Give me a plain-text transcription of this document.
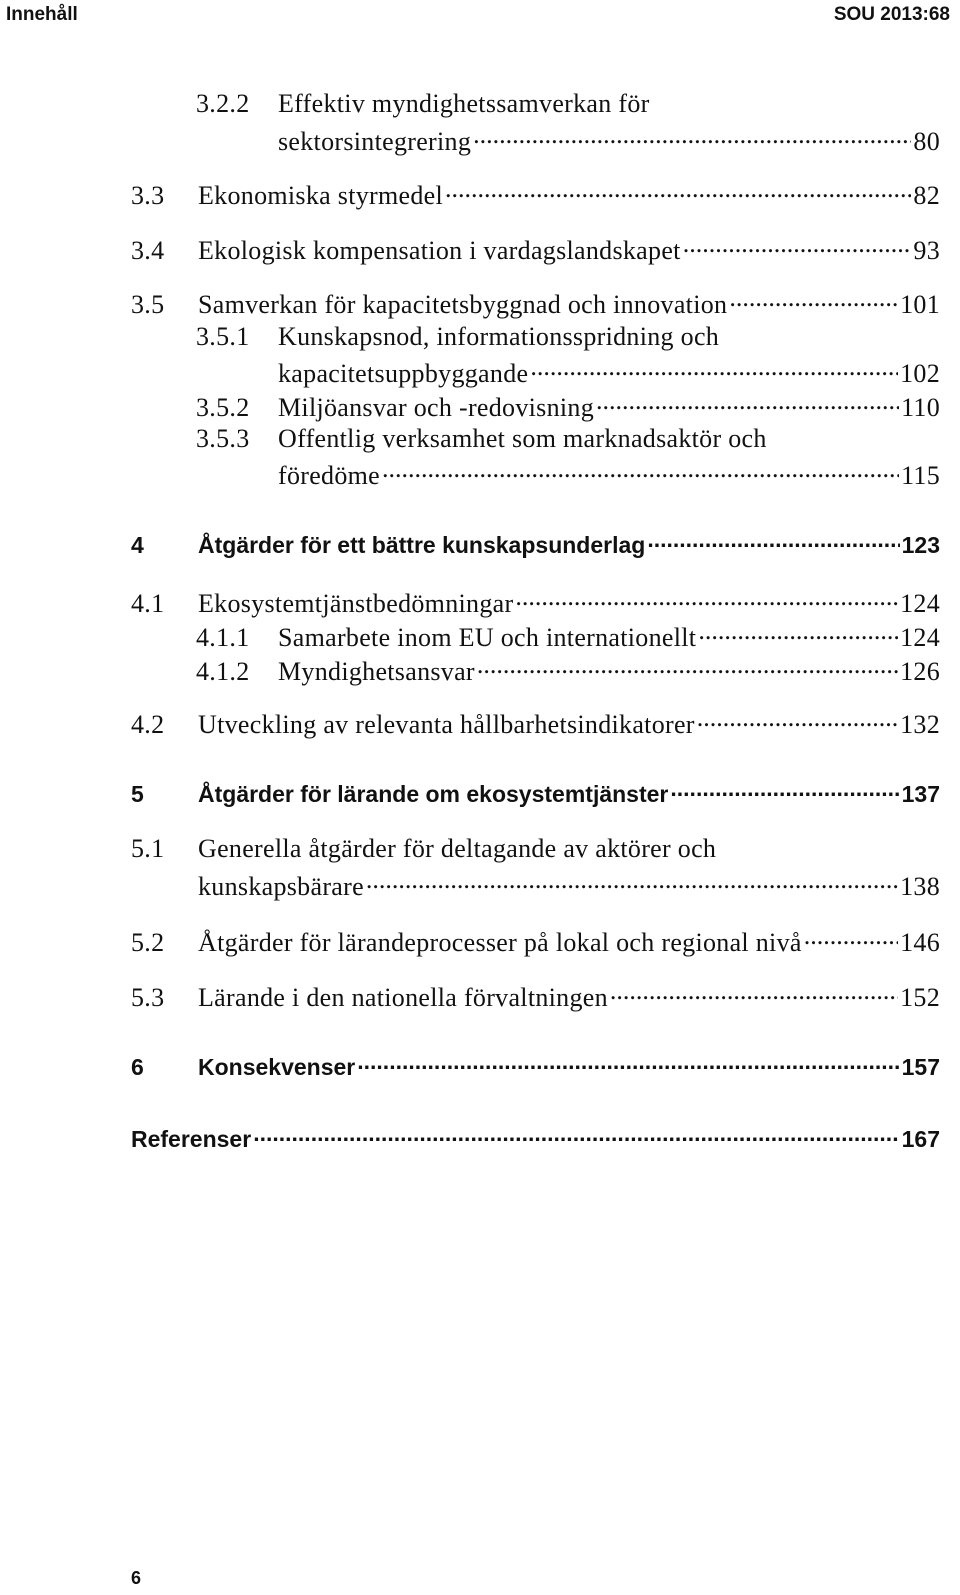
Innehåll	SOU 2013:68
3.2.2	Effektiv myndighetssamverkan för
sektorsintegrering .....	80
3.3	Ekonomiska styrmedel .....	82
3.4	Ekologisk kompensation i vardagslandskapet .....	93
3.5	Samverkan för kapacitetsbyggnad och innovation .....	101
3.5.1	Kunskapsnod, informationsspridning och
kapacitetsuppbyggande .....	102
3.5.2	Miljöansvar och -redovisning .....	110
3.5.3	Offentlig verksamhet som marknadsaktör och
föredöme .....	115
4	Åtgärder för ett bättre kunskapsunderlag .....	123
4.1	Ekosystemtjänstbedömningar .....	124
4.1.1	Samarbete inom EU och internationellt .....	124
4.1.2	Myndighetsansvar .....	126
4.2	Utveckling av relevanta hållbarhetsindikatorer .....	132
5	Åtgärder för lärande om ekosystemtjänster .....	137
5.1	Generella åtgärder för deltagande av aktörer och
kunskapsbärare .....	138
5.2	Åtgärder för lärandeprocesser på lokal och regional nivå .....	146
5.3	Lärande i den nationella förvaltningen .....	152
6	Konsekvenser .....	157
Referenser .....	167
6
